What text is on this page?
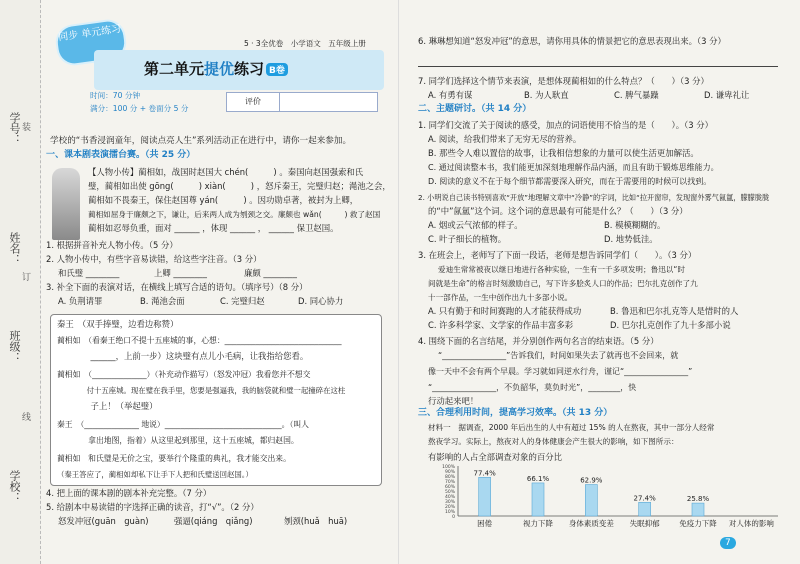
学校：
班级：
姓名：
学号： 装
订
线
5 · 3全优卷　小学语文　五年级上册
同步 单元练习
第二单元提优练习 B卷
时间：70 分钟
满分：100 分 + 卷面分 5 分
评价
学校的“书香浸润童年，阅读点亮人生”系列活动正在进行中，请你一起来参加。
一、课本剧表演擂台赛。（共 25 分）
【人物小传】蔺相如，战国时赵国大 chén(　　　) 。秦国向赵国强索和氏
璧，蔺相如出使 gōng(　　　) xiàn(　　　) ，怒斥秦王，完璧归赵；渑池之会，
蔺相如不畏秦王，保住赵国尊 yán(　　　) 。因功勋卓著，被封为上卿，
蔺相如屈身于廉颇之下，谦让，后来两人成为刎颈之交。廉颇也 wǎn(　　　) 救了赵国
蔺相如忍辱负重，面对 ______ ，体现 ______ ， ______ 保卫赵国。
1. 根据拼音补充人物小传。（5 分）
2. 人物小传中，有些字音易读错，给这些字注音。（3 分）
和氏璧 ________	上卿 ________	廉颇 ________
3. 补全下面的表演对话，在横线上填写合适的语句。（填序号）（8 分）
A. 负荆请罪	B. 渑池会面	C. 完璧归赵	D. 同心协力
秦王　（双手捧璧，边看边称赞）
蔺相如　（看秦王绝口不提十五座城的事，心想：______________________________
　　　　______，上前一步）这块璧有点儿小毛病，让我指给您看。
蔺相如　（______________）（补充动作描写）（怒发冲冠）我看您并不想交
　　　　付十五座城。现在璧在我手里，您要是强逼我，我的脑袋就和璧一起撞碎在这柱
　　　　子上！（举起璧）
秦王　（______________ 地说）______________________________。（叫人
　　　　拿出地图，指着）从这里起到那里，这十五座城，都归赵国。
蔺相如　和氏璧是无价之宝，要举行个隆重的典礼，我才能交出来。
（秦王答应了，蔺相如却私下让手下人把和氏璧送回赵国。）
4. 把上面的课本剧的剧本补充完整。（7 分）
5. 给剧本中易读错的字选择正确的读音，打“√”。（2 分）
怒发冲冠(guān　guàn)	强逼(qiáng　qiǎng)	刎颈(huǎ　huā)
6. 琳琳想知道“怒发冲冠”的意思，请你用具体的情景把它的意思表现出来。（3 分）
7. 同学们选择这个情节来表演，是想体现蔺相如的什么特点？（　　）（3 分）
A. 有勇有谋	B. 为人耿直	C. 脾气暴躁	D. 谦卑礼让
二、主题研讨。（共 14 分）
1. 同学们交流了关于阅读的感受，加点的词语使用不恰当的是（　　）。（3 分）
A. 阅读，给我们带来了无穷无尽的营养。
B. 那些令人难以置信的故事，让我相信想象的力量可以使生活更加解活。
C. 通过阅读整本书，我们能更加深刻地理解作品内涵，而且有助于锻炼思维能力。
D. 阅读的意义不在于每个细节都需要深入研究，而在于需要用的时候可以找到。
2. 小明说自己读书特别喜欢“开放”地理解文章中“冷静”的字词，比如“拉开窗帘，发现窗外雾气氤氲，朦朦胧胧
的“中”氤氲”这个词。这个词的意思最有可能是什么？（　　）（3 分）
A. 烟或云气浓郁的样子。	B. 模模糊糊的。
C. 叶子细长的植物。	D. 地势低洼。
3. 在班会上，老师写了下面一段话，老师是想告诉同学们（　　）。（3 分）
爱迪生常常被夜以继日地进行各种实验，一生有一千多项发明；鲁迅以“时
间就是生命”的格言时刻激励自己，写下许多脍炙人口的作品；巴尔扎克创作了九
十一部作品，一生中创作出九十多部小说。
A. 只有勤于和时间赛跑的人才能获得成功	B. 鲁迅和巴尔扎克等人是惜时的人
C. 许多科学家、文学家的作品丰富多彩	D. 巴尔扎克创作了九十多部小说
4. 围绕下面的名言结尾，并分别创作两句名言的结束语。（5 分）
“________________”告诉我们，时间如果失去了就再也不会回来，就
像一天中不会有两个早晨。学习就如同逆水行舟，谨记“________________”
“________________，不负韶华，莫负时光”，________，快
行动起来吧！
三、合理利用时间，提高学习效率。（共 13 分）
材料一　据调查，2000 年后出生的人中有超过 15% 的人在熬夜，其中一部分人经常
熬夜学习。实际上，熬夜对人的身体健康会产生很大的影响，如下图所示：
有影响的人占全部调查对象的百分比
100%
90%
80%
70%
60%
50%
40%
30%
20%
10%
0
77.4%
困倦
66.1%
视力下降
62.9%
身体素质变差
27.4%
失眠抑郁
25.8%
免疫力下降 对人体的影响
7
